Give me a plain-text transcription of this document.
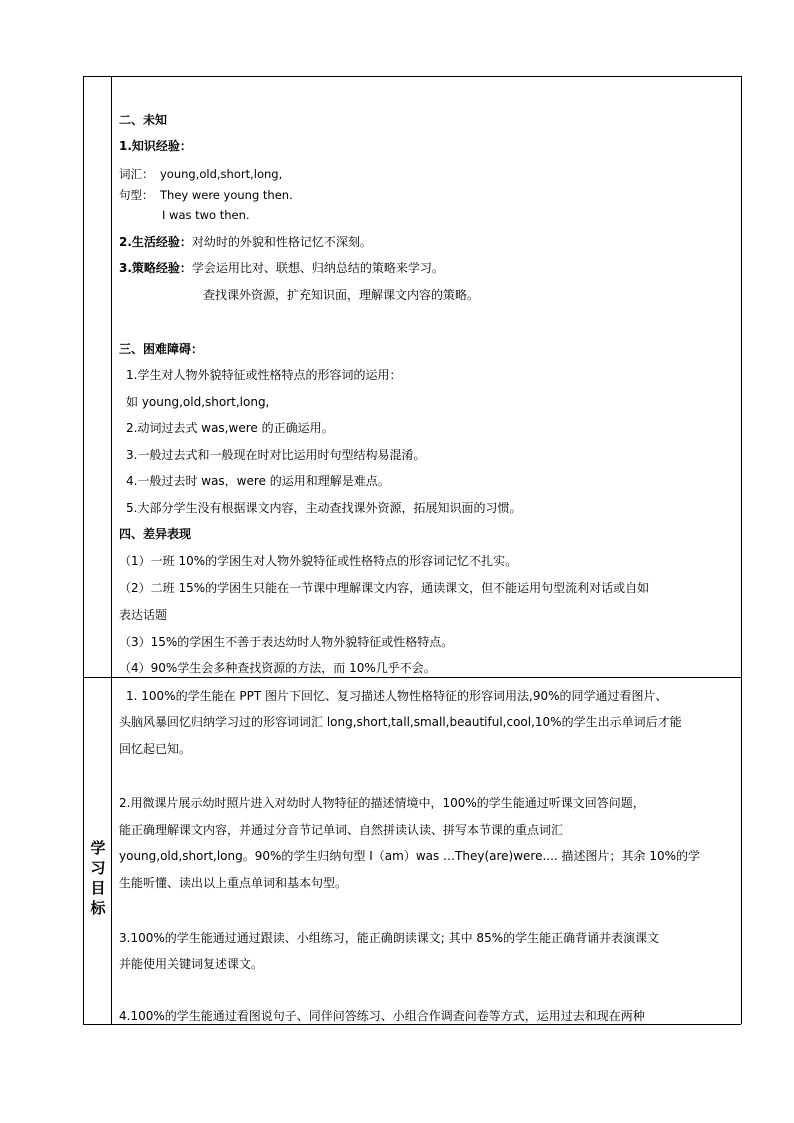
二、未知
1.知识经验：
词汇： young,old,short,long,
句型： They were young then.
I was two then.
2.生活经验：对幼时的外貌和性格记忆不深刻。
3.策略经验：学会运用比对、联想、归纳总结的策略来学习。
查找课外资源，扩充知识面，理解课文内容的策略。
三、困难障碍：
1.学生对人物外貌特征或性格特点的形容词的运用：
如 young,old,short,long,
2.动词过去式 was,were 的正确运用。
3.一般过去式和一般现在时对比运用时句型结构易混淆。
4.一般过去时 was，were 的运用和理解是难点。
5.大部分学生没有根据课文内容，主动查找课外资源，拓展知识面的习惯。
四、差异表现
（1）一班 10%的学困生对人物外貌特征或性格特点的形容词记忆不扎实。
（2）二班 15%的学困生只能在一节课中理解课文内容，通读课文，但不能运用句型流利对话或自如
表达话题
（3）15%的学困生不善于表达幼时人物外貌特征或性格特点。
（4）90%学生会多种查找资源的方法，而 10%几乎不会。
学
习
目
标
1. 100%的学生能在 PPT 图片下回忆、复习描述人物性格特征的形容词用法,90%的同学通过看图片、
头脑风暴回忆归纳学习过的形容词词汇 long,short,tall,small,beautiful,cool,10%的学生出示单词后才能
回忆起已知。
2.用微课片展示幼时照片进入对幼时人物特征的描述情境中，100%的学生能通过听课文回答问题，
能正确理解课文内容，并通过分音节记单词、自然拼读认读、拼写本节课的重点词汇
young,old,short,long。90%的学生归纳句型 I（am）was …They(are)were.... 描述图片；其余 10%的学
生能听懂、读出以上重点单词和基本句型。
3.100%的学生能通过通过跟读、小组练习，能正确朗读课文; 其中 85%的学生能正确背诵并表演课文
并能使用关键词复述课文。
4.100%的学生能通过看图说句子、同伴问答练习、小组合作调查问卷等方式，运用过去和现在两种
